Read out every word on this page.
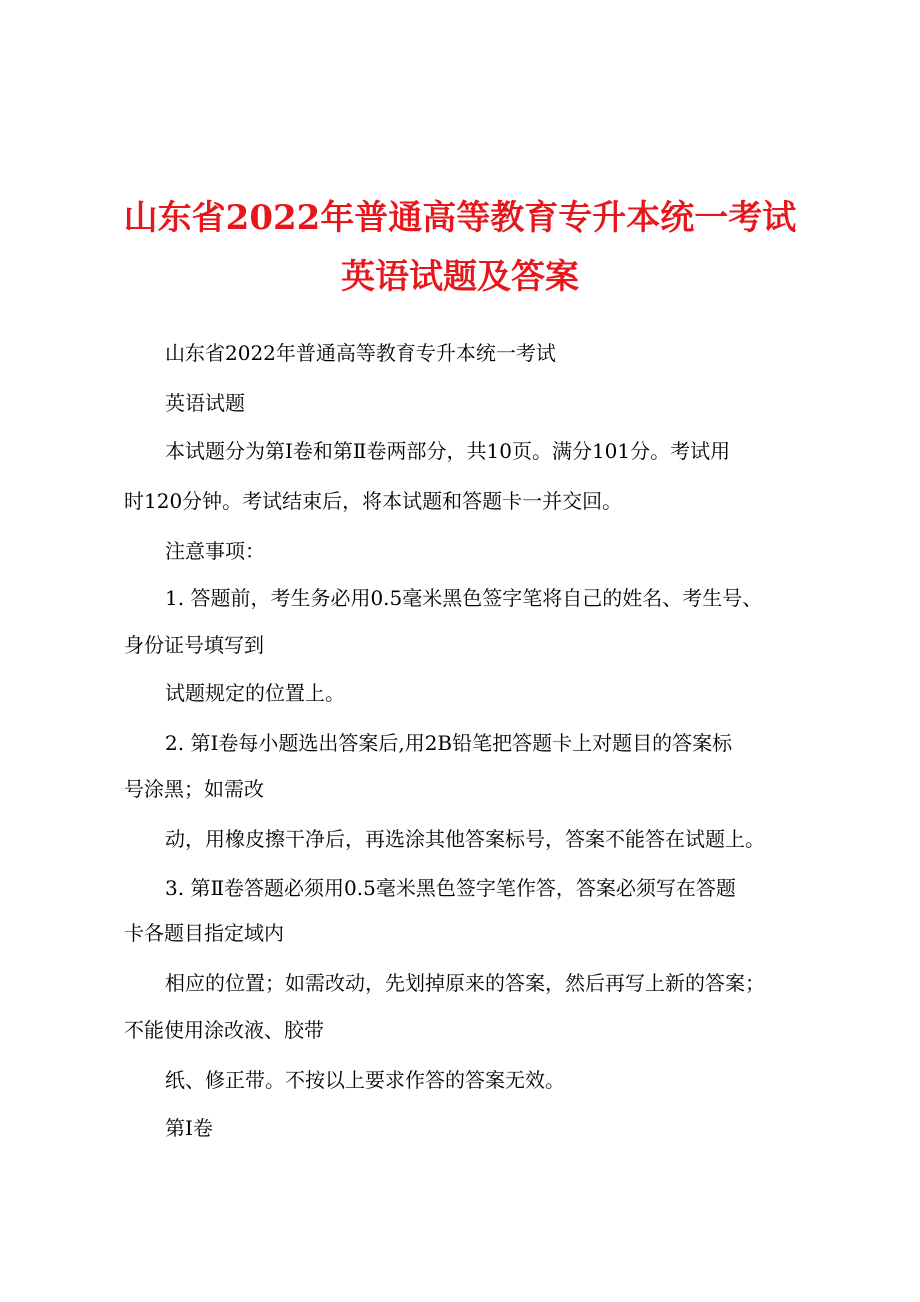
山东省2022年普通高等教育专升本统一考试
英语试题及答案
山东省2022年普通高等教育专升本统一考试
英语试题
本试题分为第Ⅰ卷和第Ⅱ卷两部分，共10页。满分101分。考试用
时120分钟。考试结束后，将本试题和答题卡一并交回。
注意事项：
1. 答题前，考生务必用0.5毫米黑色签字笔将自己的姓名、考生号、
身份证号填写到
试题规定的位置上。
2. 第Ⅰ卷每小题选出答案后,用2B铅笔把答题卡上对题目的答案标
号涂黑；如需改
动，用橡皮擦干净后，再选涂其他答案标号，答案不能答在试题上。
3. 第Ⅱ卷答题必须用0.5毫米黑色签字笔作答，答案必须写在答题
卡各题目指定域内
相应的位置；如需改动，先划掉原来的答案，然后再写上新的答案；
不能使用涂改液、胶带
纸、修正带。不按以上要求作答的答案无效。
第Ⅰ卷
